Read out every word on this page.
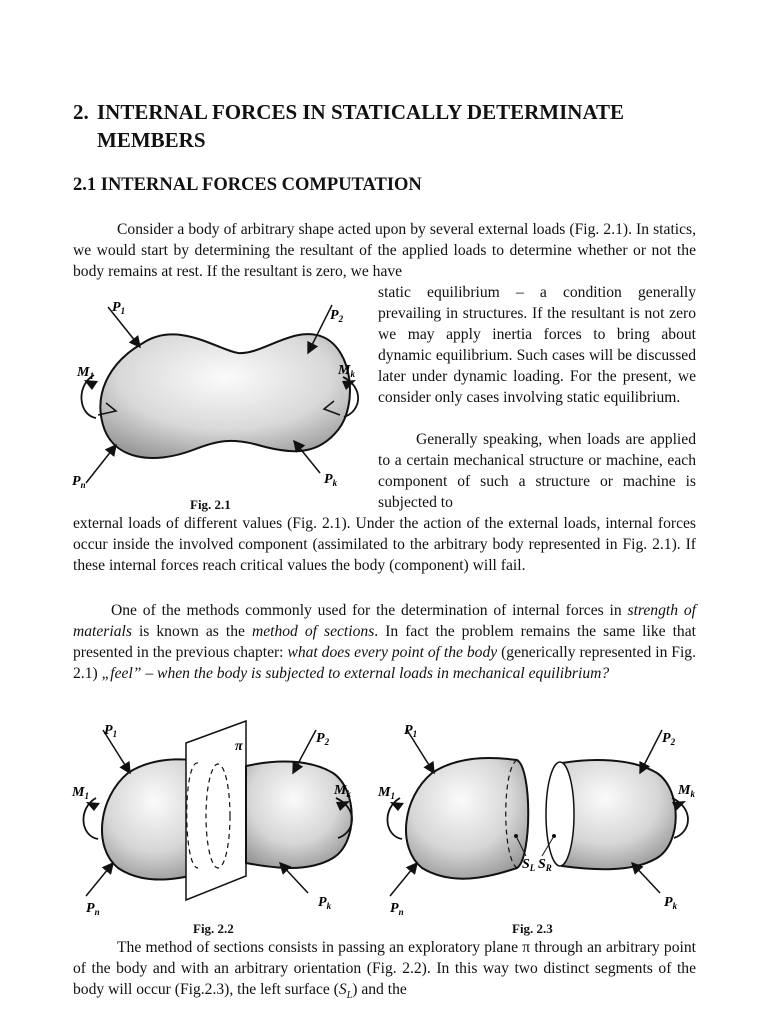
2. INTERNAL FORCES IN STATICALLY DETERMINATE
MEMBERS
2.1 INTERNAL FORCES COMPUTATION
Consider a body of arbitrary shape acted upon by several external loads (Fig. 2.1). In statics, we would start by determining the resultant of the applied loads to determine whether or not the body remains at rest. If the resultant is zero, we have
$P_1$	$P_2$
$M_1$	$M_k$
$P_n$	$P_k$
Fig. 2.1
static equilibrium – a condition generally prevailing in structures. If the resultant is not zero we may apply inertia forces to bring about dynamic equilibrium. Such cases will be discussed later under dynamic loading. For the present, we consider only cases involving static equilibrium.
Generally speaking, when loads are applied to a certain mechanical structure or machine, each component of such a structure or machine is subjected to
external loads of different values (Fig. 2.1). Under the action of the external loads, internal forces occur inside the involved component (assimilated to the arbitrary body represented in Fig. 2.1). If these internal forces reach critical values the body (component) will fail.
One of the methods commonly used for the determination of internal forces in strength of materials is known as the method of sections. In fact the problem remains the same like that presented in the previous chapter: what does every point of the body (generically represented in Fig. 2.1) „feel” – when the body is subjected to external loads in mechanical equilibrium?
$P_1$	$P_2$
$M_1$	$M_k$
$P_n$
$P_k$
π
Fig. 2.2
$P_1$	$P_2$
$M_1$	$M_k$
$P_n$
$P_k$
$S_L$ $S_R$
Fig. 2.3
The method of sections consists in passing an exploratory plane π through an arbitrary point of the body and with an arbitrary orientation (Fig. 2.2). In this way two distinct segments of the body will occur (Fig.2.3), the left surface $(S_L)$ and the
